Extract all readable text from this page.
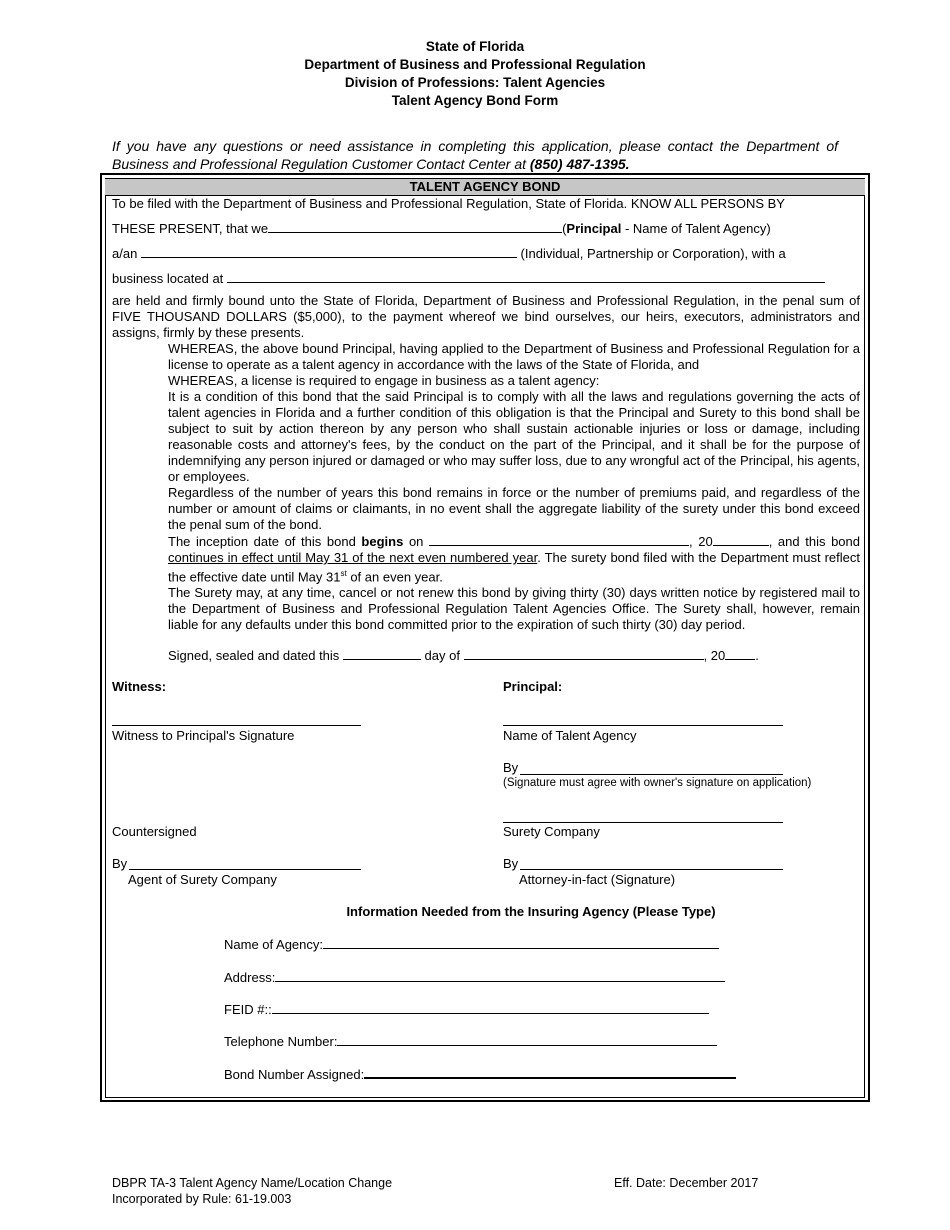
State of Florida
Department of Business and Professional Regulation
Division of Professions: Talent Agencies
Talent Agency Bond Form
If you have any questions or need assistance in completing this application, please contact the Department of Business and Professional Regulation Customer Contact Center at (850) 487-1395.
TALENT AGENCY BOND
To be filed with the Department of Business and Professional Regulation, State of Florida. KNOW ALL PERSONS BY
THESE PRESENT, that we	(Principal - Name of Talent Agency)
a/an	(Individual, Partnership or Corporation), with a
business located at
are held and firmly bound unto the State of Florida, Department of Business and Professional Regulation, in the penal sum of FIVE THOUSAND DOLLARS ($5,000), to the payment whereof we bind ourselves, our heirs, executors, administrators and assigns, firmly by these presents.
WHEREAS, the above bound Principal, having applied to the Department of Business and Professional Regulation for a license to operate as a talent agency in accordance with the laws of the State of Florida, and
WHEREAS, a license is required to engage in business as a talent agency:
It is a condition of this bond that the said Principal is to comply with all the laws and regulations governing the acts of talent agencies in Florida and a further condition of this obligation is that the Principal and Surety to this bond shall be subject to suit by action thereon by any person who shall sustain actionable injuries or loss or damage, including reasonable costs and attorney's fees, by the conduct on the part of the Principal, and it shall be for the purpose of indemnifying any person injured or damaged or who may suffer loss, due to any wrongful act of the Principal, his agents, or employees.
Regardless of the number of years this bond remains in force or the number of premiums paid, and regardless of the number or amount of claims or claimants, in no event shall the aggregate liability of the surety under this bond exceed the penal sum of the bond.
The inception date of this bond begins on	, 20	, and this bond continues in effect until May 31 of the next even numbered year. The surety bond filed with the Department must reflect the effective date until May 31st of an even year.
The Surety may, at any time, cancel or not renew this bond by giving thirty (30) days written notice by registered mail to the Department of Business and Professional Regulation Talent Agencies Office. The Surety shall, however, remain liable for any defaults under this bond committed prior to the expiration of such thirty (30) day period.
Signed, sealed and dated this	day of	, 20 .
Witness:	Principal:
Witness to Principal's Signature	Name of Talent Agency
By
(Signature must agree with owner's signature on application)
Countersigned	Surety Company
By	By
Agent of Surety Company	Attorney-in-fact (Signature)
Information Needed from the Insuring Agency (Please Type)
Name of Agency:
Address:
FEID #::
Telephone Number:
Bond Number Assigned:
DBPR TA-3 Talent Agency Name/Location Change
Incorporated by Rule: 61-19.003
Eff. Date: December 2017
